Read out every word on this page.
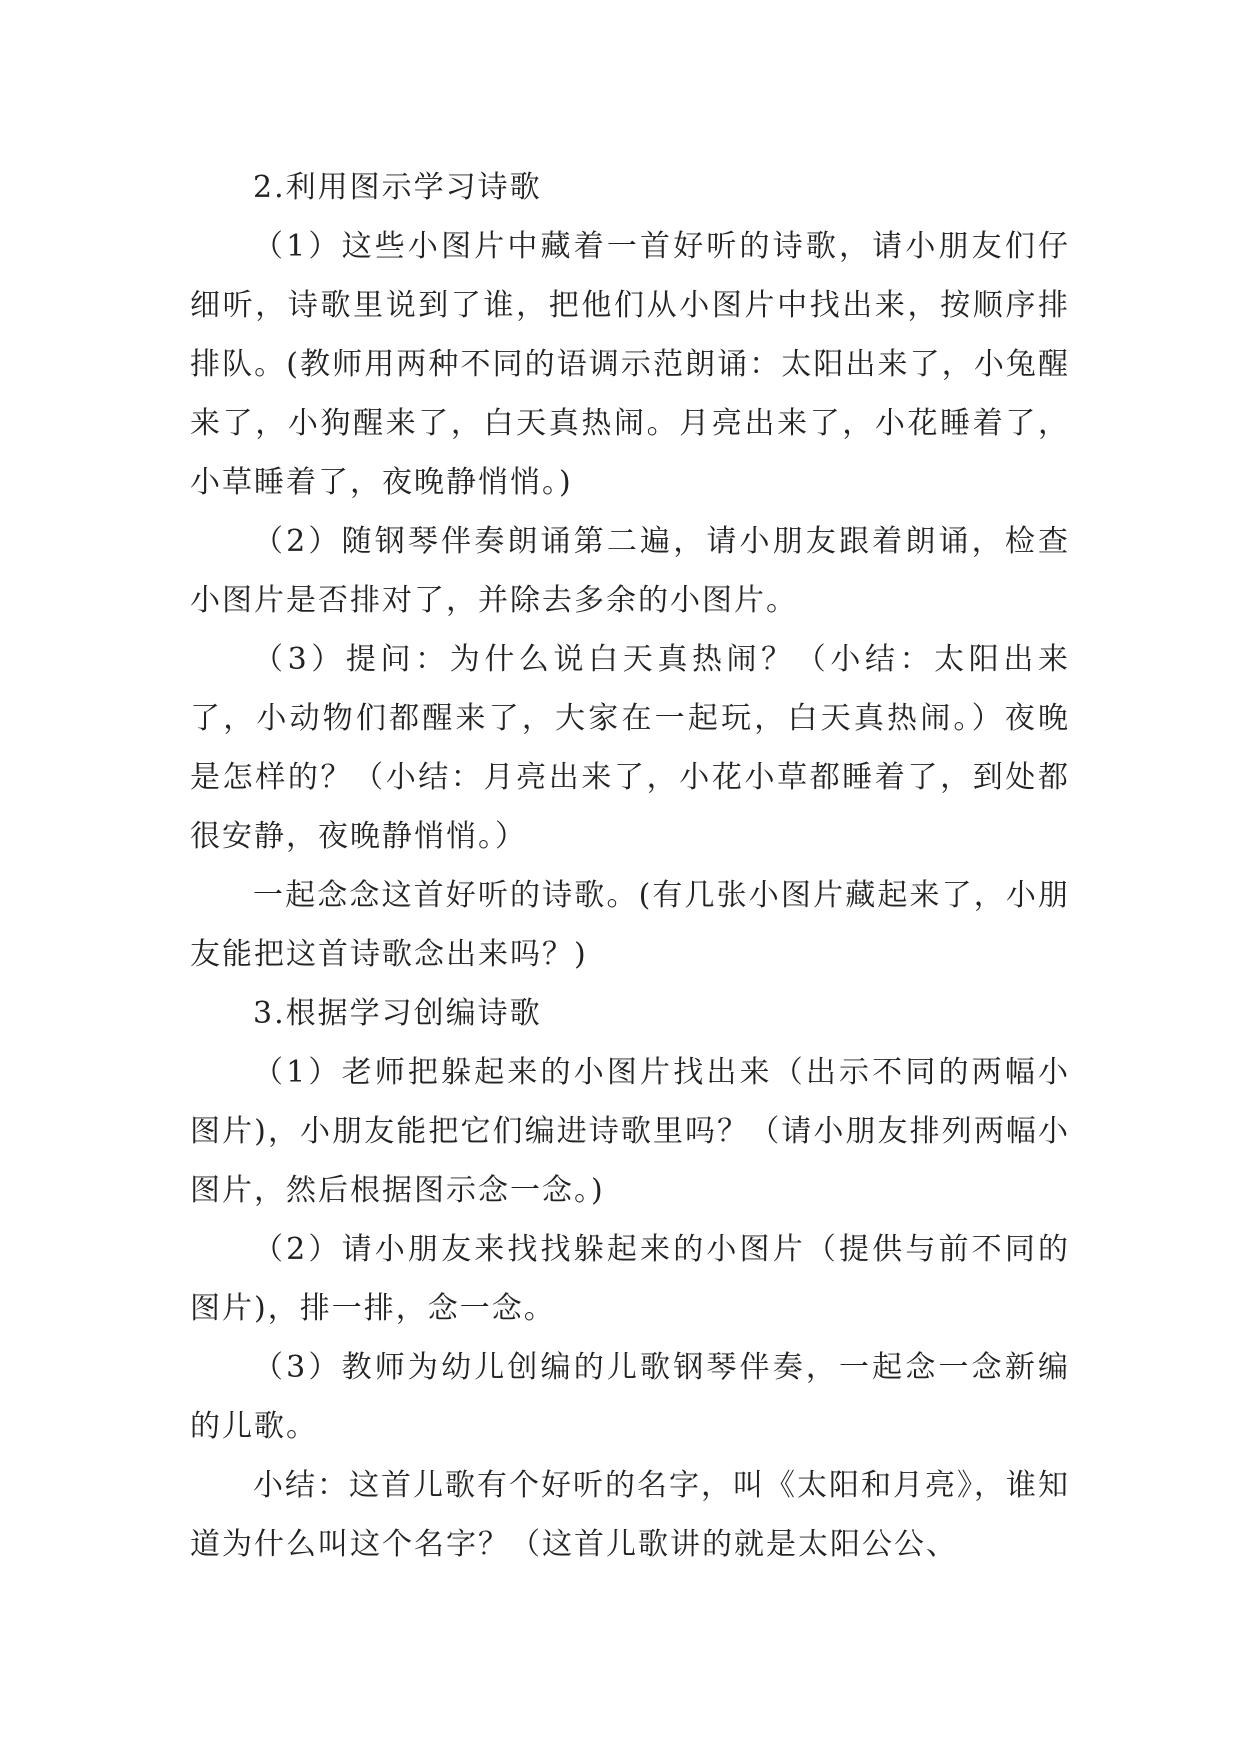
2.利用图示学习诗歌

（1）这些小图片中藏着一首好听的诗歌，请小朋友们仔细听，诗歌里说到了谁，把他们从小图片中找出来，按顺序排排队。(教师用两种不同的语调示范朗诵：太阳出来了，小兔醒来了，小狗醒来了，白天真热闹。月亮出来了，小花睡着了，小草睡着了，夜晚静悄悄。)

（2）随钢琴伴奏朗诵第二遍，请小朋友跟着朗诵，检查小图片是否排对了，并除去多余的小图片。

（3）提问：为什么说白天真热闹？（小结：太阳出来了，小动物们都醒来了，大家在一起玩，白天真热闹。）夜晚是怎样的？（小结：月亮出来了，小花小草都睡着了，到处都很安静，夜晚静悄悄。）

一起念念这首好听的诗歌。(有几张小图片藏起来了，小朋友能把这首诗歌念出来吗？)

3.根据学习创编诗歌

（1）老师把躲起来的小图片找出来（出示不同的两幅小图片)，小朋友能把它们编进诗歌里吗？（请小朋友排列两幅小图片，然后根据图示念一念。)

（2）请小朋友来找找躲起来的小图片（提供与前不同的图片)，排一排，念一念。

（3）教师为幼儿创编的儿歌钢琴伴奏，一起念一念新编的儿歌。

小结：这首儿歌有个好听的名字，叫《太阳和月亮》，谁知道为什么叫这个名字？（这首儿歌讲的就是太阳公公、
